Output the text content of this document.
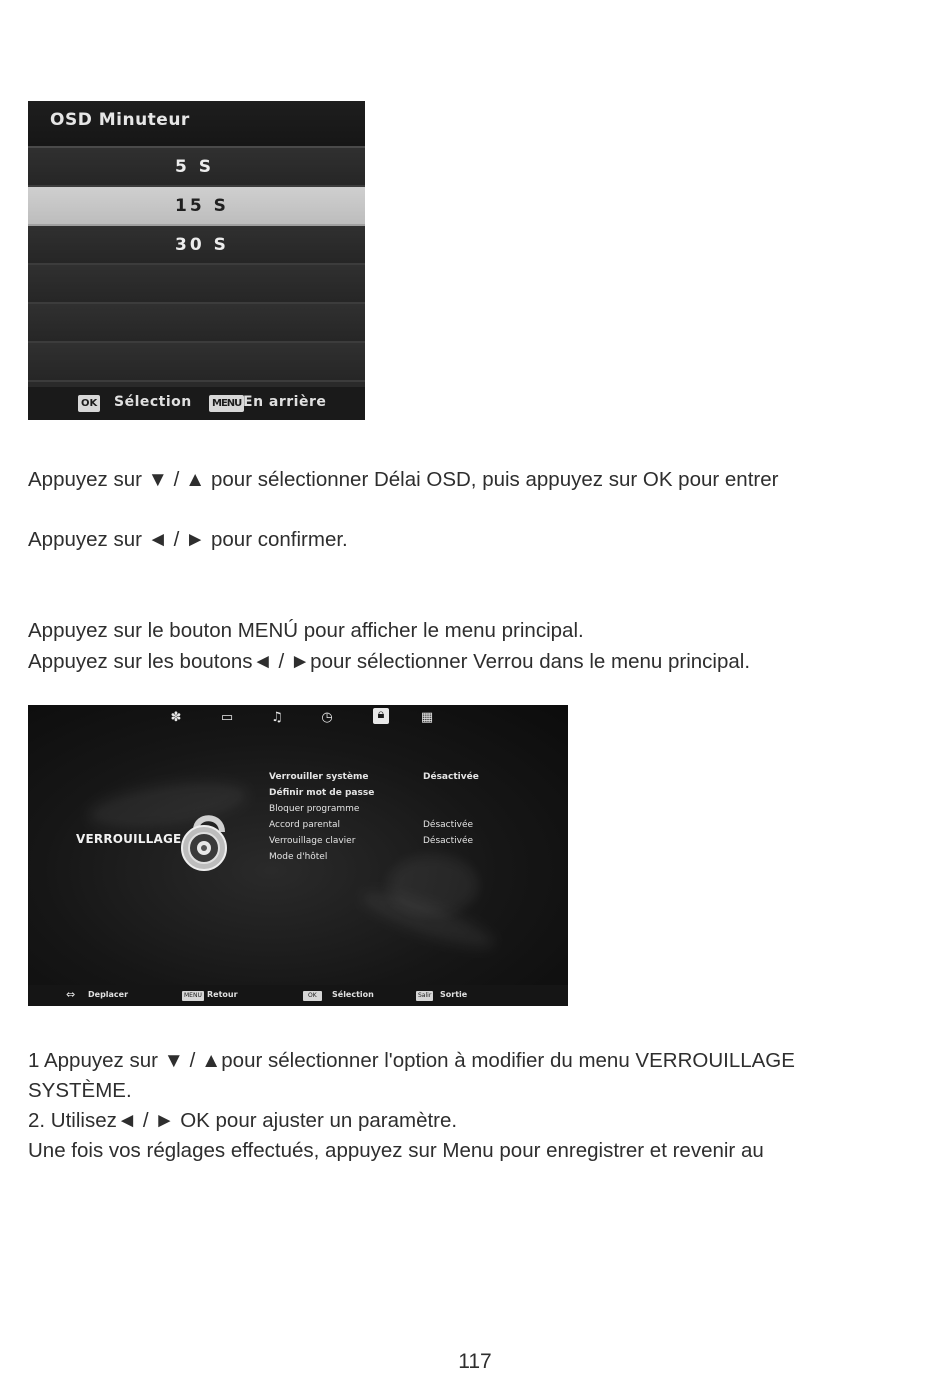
OSD Minuteur
5 S
15 S
30 S
OK Sélection	MENU En arrière

Appuyez sur ▼ / ▲ pour sélectionner Délai OSD, puis appuyez sur OK pour entrer

Appuyez sur ◄ / ► pour confirmer.

Appuyez sur le bouton MENÚ pour afficher le menu principal.

Appuyez sur les boutons◄ / ►pour sélectionner Verrou dans le menu principal.

✽	▭	♫	◷	🔒︎	▦
VERROUILLAGE
Verrouiller système	Désactivée
Définir mot de passe
Bloquer programme
Accord parental	Désactivée
Verrouillage clavier	Désactivée
Mode d'hôtel
⇔ Deplacer	MENU Retour	OK	Sélection	Salir Sortie

1 Appuyez sur ▼ / ▲pour sélectionner l'option à modifier du menu VERROUILLAGE

SYSTÈME.

2. Utilisez◄ / ► OK pour ajuster un paramètre.

Une fois vos réglages effectués, appuyez sur Menu pour enregistrer et revenir au

117
